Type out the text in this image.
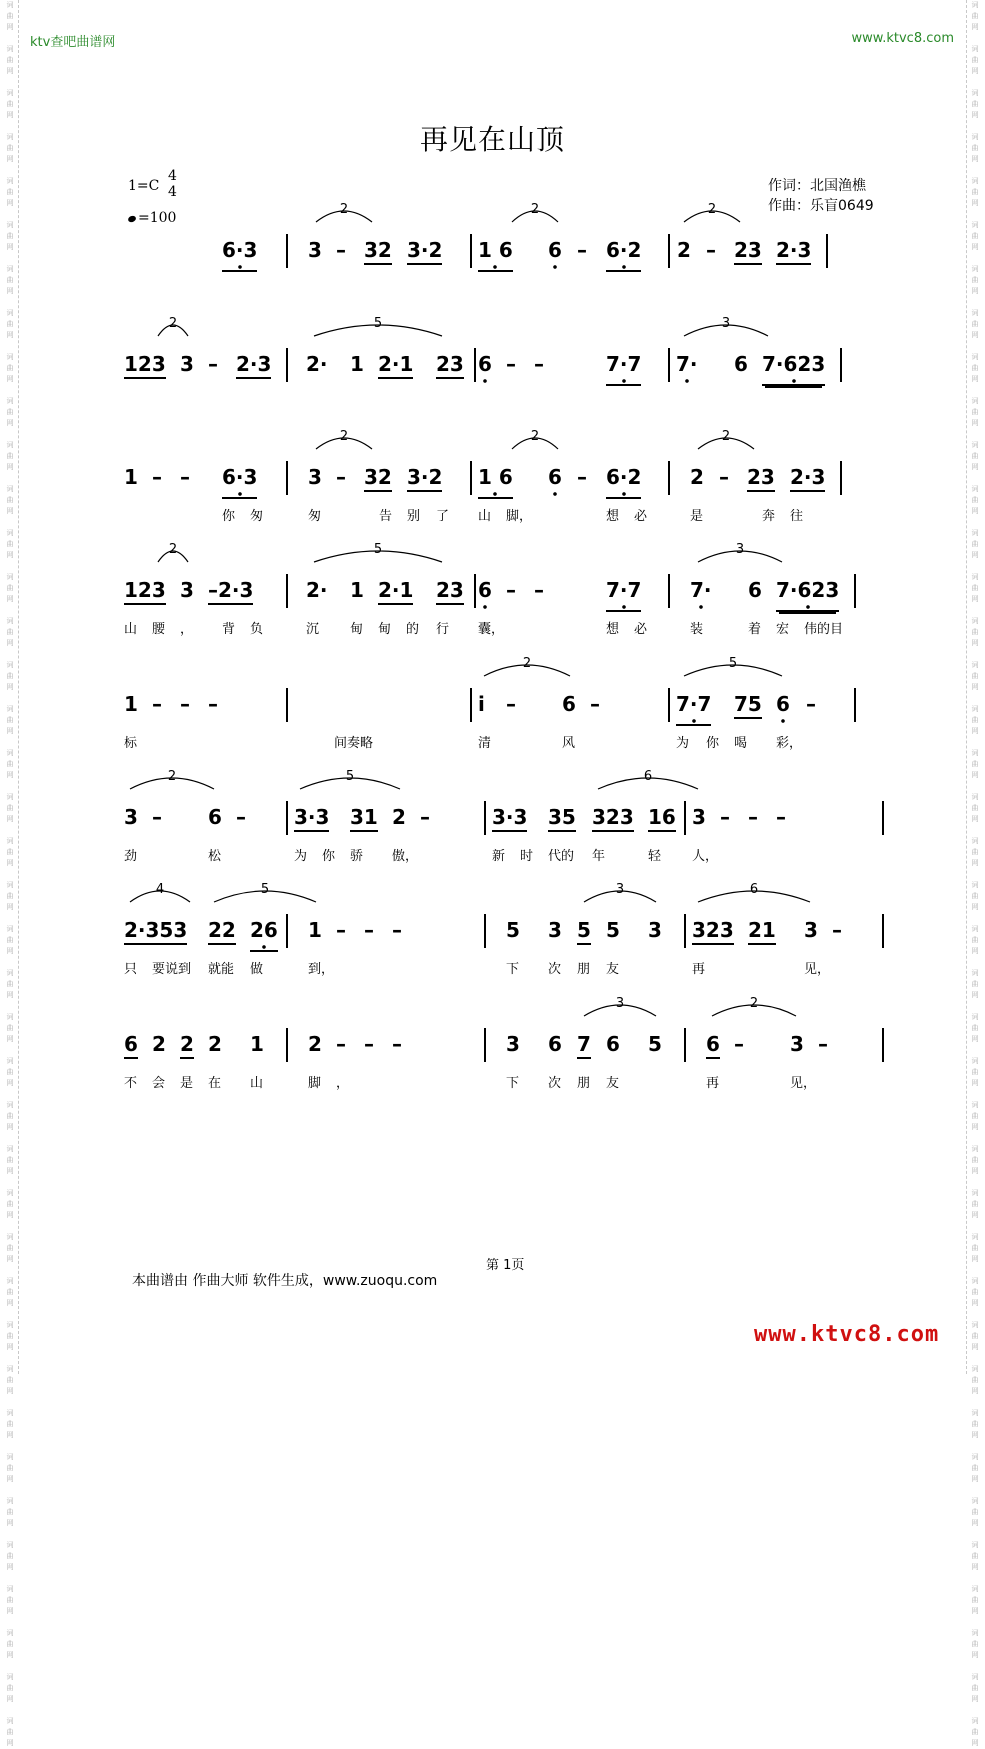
词
曲
网

词
曲
网

词
曲
网

词
曲
网

词
曲
网

词
曲
网

词
曲
网

词
曲
网

词
曲
网

词
曲
网

词
曲
网

词
曲
网

词
曲
网

词
曲
网

词
曲
网

词
曲
网

词
曲
网

词
曲
网

词
曲
网

词
曲
网

词
曲
网

词
曲
网

词
曲
网

词
曲
网

词
曲
网

词
曲
网

词
曲
网

词
曲
网

词
曲
网

词
曲
网

词
曲
网

词
曲
网

词
曲
网

词
曲
网

词
曲
网

词
曲
网

词
曲
网

词
曲
网

词
曲
网

词
曲
网

词
曲
网

词
曲
网

词
曲
网

词
曲
网

词
曲
网

词
曲
网

词
曲
网

词
曲
网

词
曲
网

词
曲
网

词
曲
网

词
曲
网

词
曲
网

词
曲
网

词
曲
网

词
曲
网

词
曲
网

词
曲
网

词
曲
网

词
曲
网

词
曲
网

词
曲
网

词
曲
网

词
曲
网

词
曲
网

词
曲
网

词
曲
网

词
曲
网

词
曲
网

词
曲
网

词
曲
网

词
曲
网

词
曲
网

词
曲
网

词
曲
网

词
曲
网

词
曲
网

词
曲
网

词
曲
网

词
曲
网

ktv查吧曲谱网	www.ktvc8.com
再见在山顶
1=C
4
4
=100
作词：北国渔樵
作曲：乐盲0649
2	2	2
6·3	3 – 32 3·2 1 6 6 – 6·2 2 – 23 2·3
2	5	3
123 3 – 2·3 2· 1 2·1 23 6 – –	7·7 7· 6 7·623
2	2	2
1 – – 6·3	3 – 32 3·2 1 6 6 – 6·2 2 – 23 2·3
你 匆	匆	告 别 了 山 脚，	想 必	是	奔 往
2	5	3
123 3 –2·3	2· 1 2·1 23 6 – –	7·7 7· 6 7·623
山 腰 ， 背 负	沉 甸 甸 的 行 囊，	想 必	装	着 宏 伟的目
2	5
1 – – –	i – 6 –	7·7 75 6 –
标	间奏略	清	风	为 你 喝 彩，
2	5	6
3 – 6 – 3·3 31 2 –	3·3 35 323 16 3 – – –
劲	松	为 你 骄 傲，	新 时 代的 年	轻 人，
4	5	3	6
2·353 22 26 1 – – –	5 3 5 5 3 323 21 3 –
只 要说到 就能 做	到，	下 次 朋 友	再	见，
3	2
6 2 2 2 1 2 – – –	3 6 7 6 5 6 – 3 –
不 会 是 在 山	脚 ，	下 次 朋 友	再	见，
第 1页
本曲谱由 作曲大师 软件生成，www.zuoqu.com
www.ktvc8.com
